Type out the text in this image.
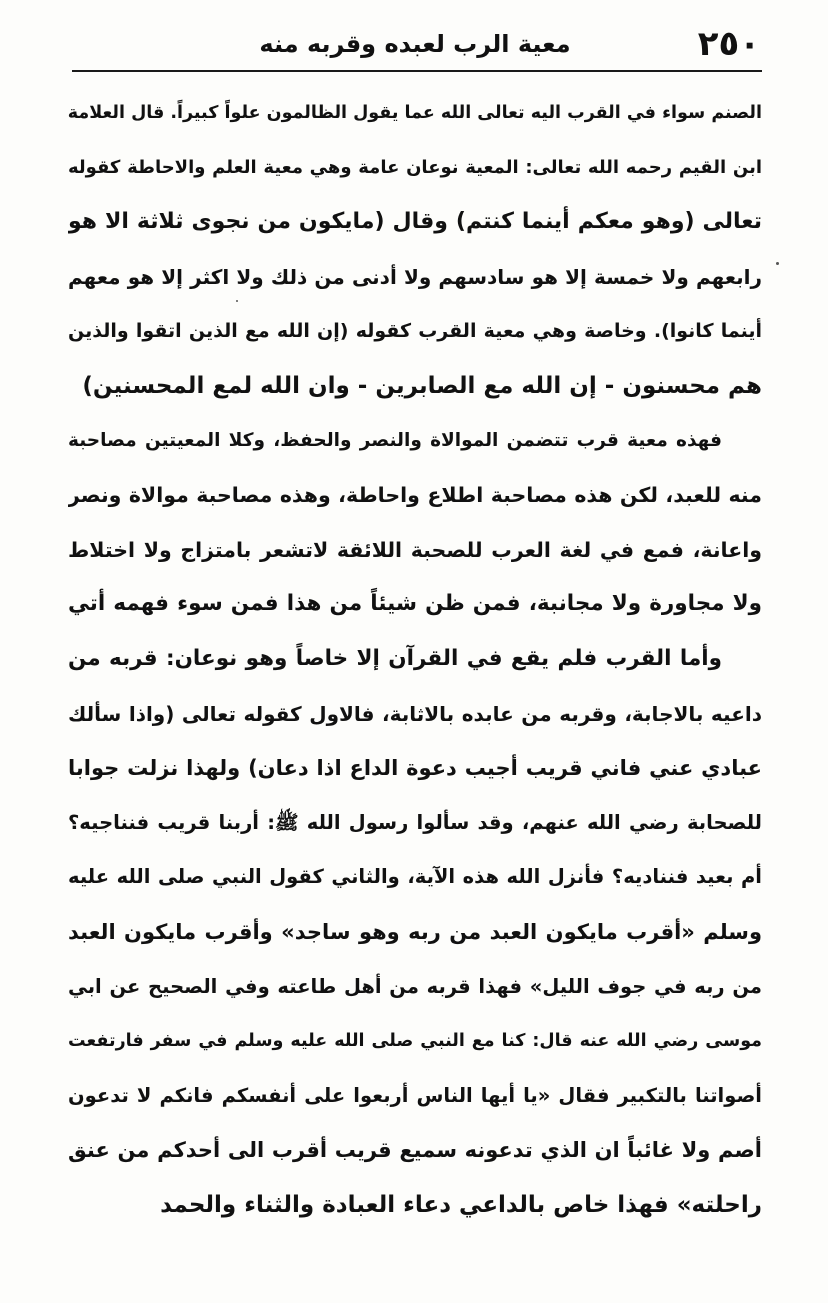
٢٥٠
معية الرب لعبده وقربه منه
الصنم سواء في القرب اليه تعالى الله عما يقول الظالمون علواً كبيراً. قال العلامة
ابن القيم رحمه الله تعالى: المعية نوعان عامة وهي معية العلم والاحاطة كقوله
تعالى (وهو معكم أينما كنتم) وقال (مايكون من نجوى ثلاثة الا هو
رابعهم ولا خمسة إلا هو سادسهم ولا أدنى من ذلك ولا اكثر إلا هو معهم
أينما كانوا). وخاصة وهي معية القرب كقوله (إن الله مع الذين اتقوا والذين
هم محسنون - إن الله مع الصابرين - وان الله لمع المحسنين)
فهذه معية قرب تتضمن الموالاة والنصر والحفظ، وكلا المعيتين مصاحبة
منه للعبد، لكن هذه مصاحبة اطلاع واحاطة، وهذه مصاحبة موالاة ونصر
واعانة، فمع في لغة العرب للصحبة اللائقة لاتشعر بامتزاج ولا اختلاط
ولا مجاورة ولا مجانبة، فمن ظن شيئاً من هذا فمن سوء فهمه أتي
وأما القرب فلم يقع في القرآن إلا خاصاً وهو نوعان: قربه من
داعيه بالاجابة، وقربه من عابده بالاثابة، فالاول كقوله تعالى (واذا سألك
عبادي عني فاني قريب أجيب دعوة الداع اذا دعان) ولهذا نزلت جوابا
للصحابة رضي الله عنهم، وقد سألوا رسول الله ﷺ: أربنا قريب فنناجيه؟
أم بعيد فنناديه؟ فأنزل الله هذه الآية، والثاني كقول النبي صلى الله عليه
وسلم «أقرب مايكون العبد من ربه وهو ساجد» وأقرب مايكون العبد
من ربه في جوف الليل» فهذا قربه من أهل طاعته وفي الصحيح عن ابي
موسى رضي الله عنه قال: كنا مع النبي صلى الله عليه وسلم في سفر فارتفعت
أصواتنا بالتكبير فقال «يا أيها الناس أربعوا على أنفسكم فانكم لا تدعون
أصم ولا غائباً ان الذي تدعونه سميع قريب أقرب الى أحدكم من عنق
راحلته» فهذا خاص بالداعي دعاء العبادة والثناء والحمد
